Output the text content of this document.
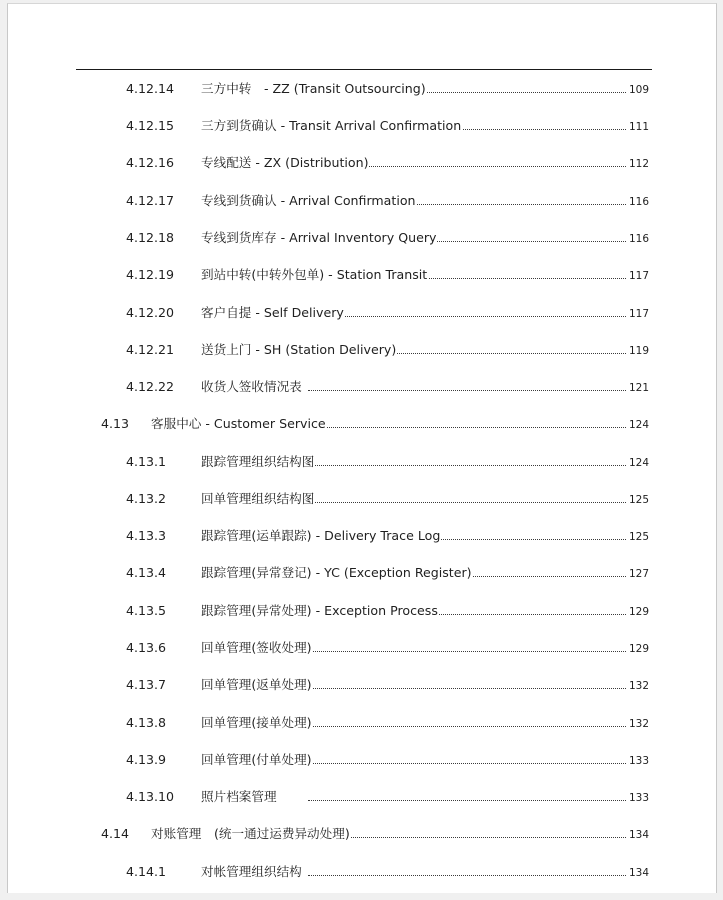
4.12.14 三方中转　- ZZ (Transit Outsourcing)	109
4.12.15 三方到货确认 - Transit Arrival Confirmation	111
4.12.16 专线配送 - ZX (Distribution)	112
4.12.17 专线到货确认 - Arrival Confirmation	116
4.12.18 专线到货库存 - Arrival Inventory Query	116
4.12.19 到站中转(中转外包单) - Station Transit	117
4.12.20 客户自提 - Self Delivery	117
4.12.21 送货上门 - SH (Station Delivery)	119
4.12.22 收货人签收情况表	121
4.13 客服中心 - Customer Service	124
4.13.1	跟踪管理组织结构图	124
4.13.2	回单管理组织结构图	125
4.13.3	跟踪管理(运单跟踪) - Delivery Trace Log	125
4.13.4	跟踪管理(异常登记) - YC (Exception Register)	127
4.13.5	跟踪管理(异常处理) - Exception Process	129
4.13.6	回单管理(签收处理)	129
4.13.7	回单管理(返单处理)	132
4.13.8	回单管理(接单处理)	132
4.13.9	回单管理(付单处理)	133
4.13.10 照片档案管理	133
4.14 对账管理　(统一通过运费异动处理)	134
4.14.1	对帐管理组织结构	134
